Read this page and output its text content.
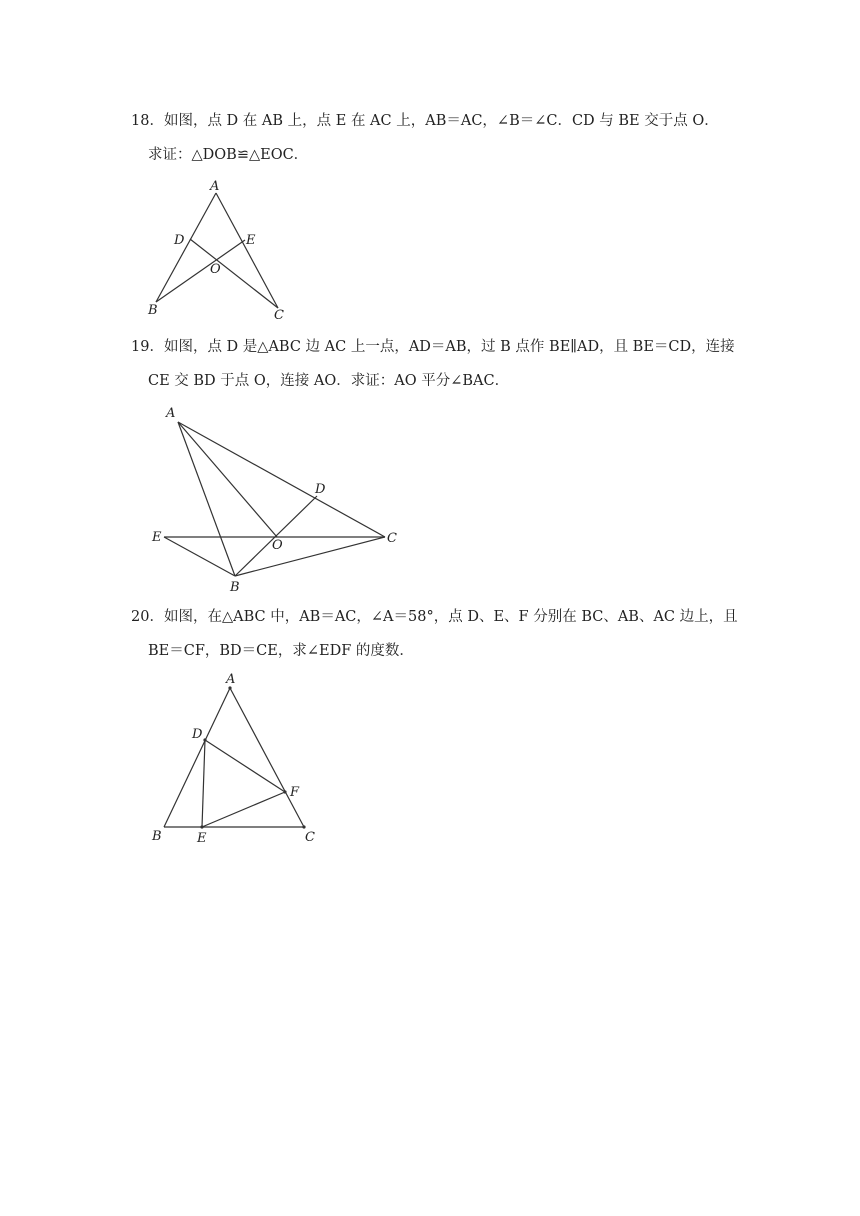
18．如图，点 D 在 AB 上，点 E 在 AC 上，AB＝AC，∠B＝∠C．CD 与 BE 交于点 O．
求证：△DOB≌△EOC．
A
D	E
O
B	C
19．如图，点 D 是△ABC 边 AC 上一点，AD＝AB，过 B 点作 BE∥AD，且 BE＝CD，连接
CE 交 BD 于点 O，连接 AO．求证：AO 平分∠BAC．
A
D
E
O	C
B
20．如图，在△ABC 中，AB＝AC，∠A＝58°，点 D、E、F 分别在 BC、AB、AC 边上，且
BE＝CF，BD＝CE，求∠EDF 的度数．
A
D
F
B	E	C
